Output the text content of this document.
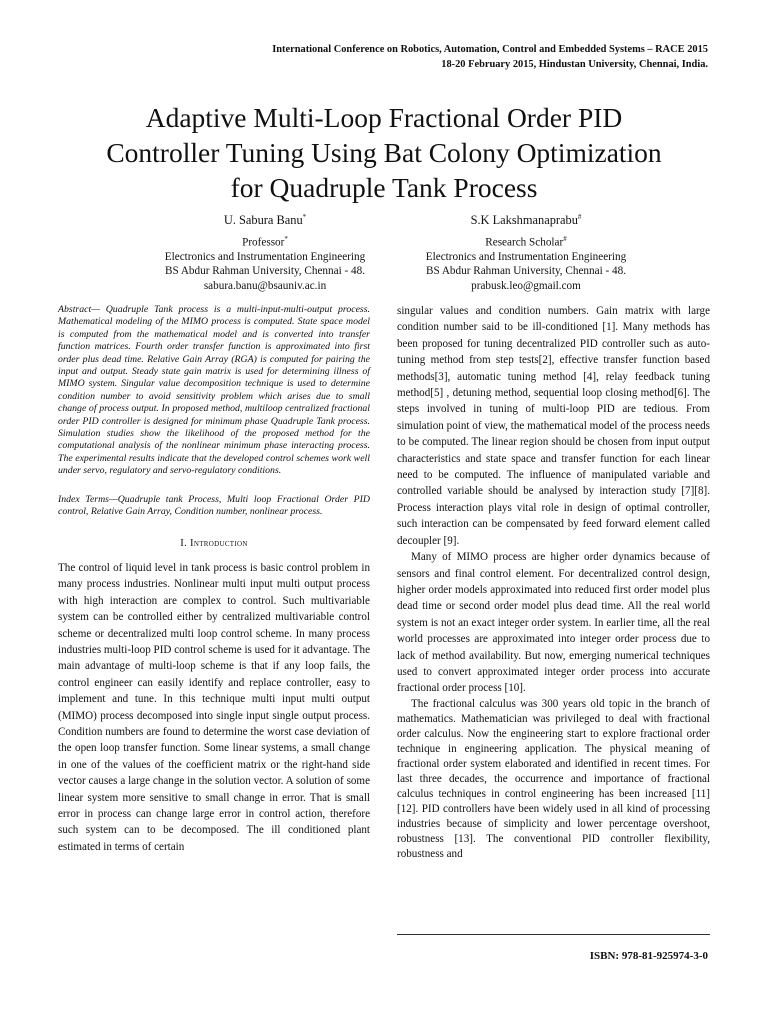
International Conference on Robotics, Automation, Control and Embedded Systems – RACE 2015
18-20 February 2015, Hindustan University, Chennai, India.
Adaptive Multi-Loop Fractional Order PID
Controller Tuning Using Bat Colony Optimization
for Quadruple Tank Process
U. Sabura Banu*
Professor*
Electronics and Instrumentation Engineering
BS Abdur Rahman University, Chennai - 48.
sabura.banu@bsauniv.ac.in
S.K Lakshmanaprabu#
Research Scholar#
Electronics and Instrumentation Engineering
BS Abdur Rahman University, Chennai - 48.
prabusk.leo@gmail.com

Abstract— Quadruple Tank process is a multi-input-multi-output process. Mathematical modeling of the MIMO process is computed. State space model is computed from the mathematical model and is converted into transfer function matrices. Fourth order transfer function is approximated into first order plus dead time. Relative Gain Array (RGA) is computed for pairing the input and output. Steady state gain matrix is used for determining illness of MIMO system. Singular value decomposition technique is used to determine condition number to avoid sensitivity problem which arises due to small change of process output. In proposed method, multiloop centralized fractional order PID controller is designed for minimum phase Quadruple Tank process. Simulation studies show the likelihood of the proposed method for the computational analysis of the nonlinear minimum phase interacting process. The experimental results indicate that the developed control schemes work well under servo, regulatory and servo-regulatory conditions.

Index Terms—Quadruple tank Process, Multi loop Fractional Order PID control, Relative Gain Array, Condition number, nonlinear process.

I. Introduction

The control of liquid level in tank process is basic control problem in many process industries. Nonlinear multi input multi output process with high interaction are complex to control. Such multivariable system can be controlled either by centralized multivariable control scheme or decentralized multi loop control scheme. In many process industries multi-loop PID control scheme is used for it advantage. The main advantage of multi-loop scheme is that if any loop fails, the control engineer can easily identify and replace controller, easy to implement and tune. In this technique multi input multi output (MIMO) process decomposed into single input single output process. Condition numbers are found to determine the worst case deviation of the open loop transfer function. Some linear systems, a small change in one of the values of the coefficient matrix or the right-hand side vector causes a large change in the solution vector. A solution of some linear system more sensitive to small change in error. That is small error in process can change large error in control action, therefore such system can to be decomposed. The ill conditioned plant estimated in terms of certain

singular values and condition numbers. Gain matrix with large condition number said to be ill-conditioned [1]. Many methods has been proposed for tuning decentralized PID controller such as auto-tuning method from step tests[2], effective transfer function based methods[3], automatic tuning method [4], relay feedback tuning method[5] , detuning method, sequential loop closing method[6]. The steps involved in tuning of multi-loop PID are tedious. From simulation point of view, the mathematical model of the process needs to be computed. The linear region should be chosen from input output characteristics and state space and transfer function for each linear need to be computed. The influence of manipulated variable and controlled variable should be analysed by interaction study [7][8]. Process interaction plays vital role in design of optimal controller, such interaction can be compensated by feed forward element called decoupler [9].

Many of MIMO process are higher order dynamics because of sensors and final control element. For decentralized control design, higher order models approximated into reduced first order model plus dead time or second order model plus dead time. All the real world system is not an exact integer order system. In earlier time, all the real world processes are approximated into integer order process due to lack of method availability. But now, emerging numerical techniques used to convert approximated integer order process into accurate fractional order process [10].

The fractional calculus was 300 years old topic in the branch of mathematics. Mathematician was privileged to deal with fractional order calculus. Now the engineering start to explore fractional order technique in engineering application. The physical meaning of fractional order system elaborated and identified in recent times. For last three decades, the occurrence and importance of fractional calculus techniques in control engineering has been increased [11][12]. PID controllers have been widely used in all kind of processing industries because of simplicity and lower percentage overshoot, robustness [13]. The conventional PID controller flexibility, robustness and

ISBN: 978-81-925974-3-0
